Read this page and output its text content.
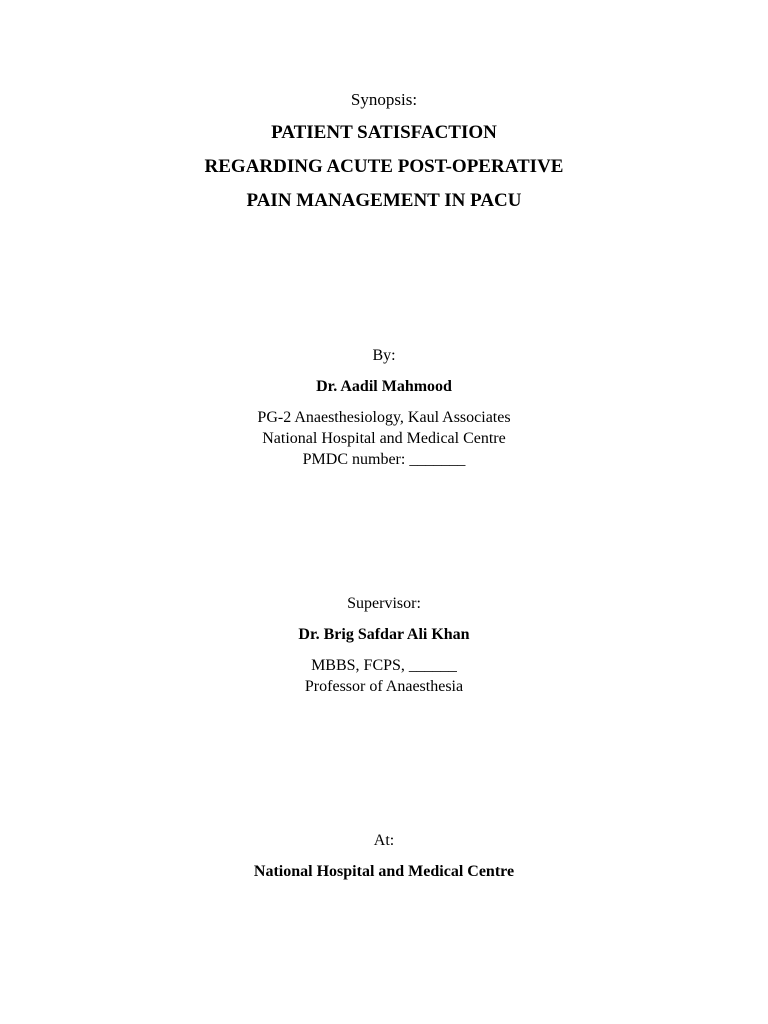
Synopsis:
PATIENT SATISFACTION
REGARDING ACUTE POST-OPERATIVE
PAIN MANAGEMENT IN PACU
By:
Dr. Aadil Mahmood
PG-2 Anaesthesiology, Kaul Associates
National Hospital and Medical Centre
PMDC number: _______
Supervisor:
Dr. Brig Safdar Ali Khan
MBBS, FCPS, ______
Professor of Anaesthesia
At:
National Hospital and Medical Centre
